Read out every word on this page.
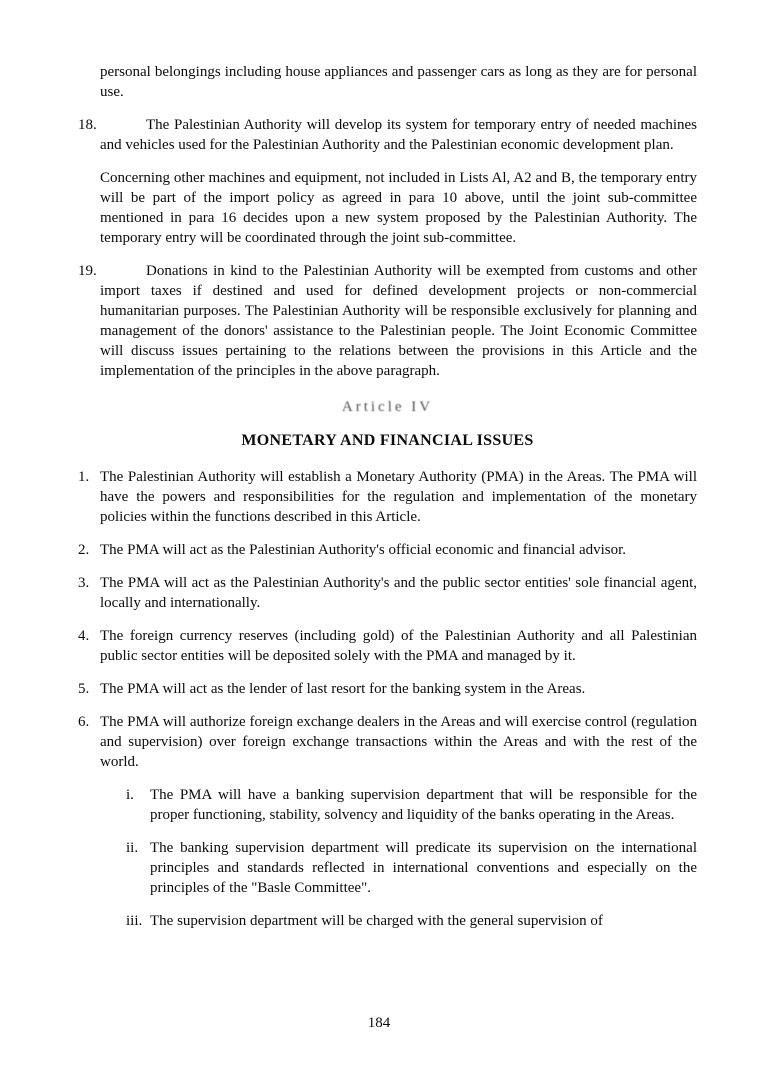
personal belongings including house appliances and passenger cars as long as they are for personal use.

18.	The Palestinian Authority will develop its system for temporary entry of needed machines and vehicles used for the Palestinian Authority and the Palestinian economic development plan.

Concerning other machines and equipment, not included in Lists Al, A2 and B, the temporary entry will be part of the import policy as agreed in para 10 above, until the joint sub-committee mentioned in para 16 decides upon a new system proposed by the Palestinian Authority. The temporary entry will be coordinated through the joint sub-committee.

19.	Donations in kind to the Palestinian Authority will be exempted from customs and other import taxes if destined and used for defined development projects or non-commercial humanitarian purposes. The Palestinian Authority will be responsible exclusively for planning and management of the donors' assistance to the Palestinian people. The Joint Economic Committee will discuss issues pertaining to the relations between the provisions in this Article and the implementation of the principles in the above paragraph.

Article IV
MONETARY AND FINANCIAL ISSUES
1. The Palestinian Authority will establish a Monetary Authority (PMA) in the Areas. The PMA will have the powers and responsibilities for the regulation and implementation of the monetary policies within the functions described in this Article.

2. The PMA will act as the Palestinian Authority's official economic and financial advisor.

3. The PMA will act as the Palestinian Authority's and the public sector entities' sole financial agent, locally and internationally.

4. The foreign currency reserves (including gold) of the Palestinian Authority and all Palestinian public sector entities will be deposited solely with the PMA and managed by it.

5. The PMA will act as the lender of last resort for the banking system in the Areas.

6. The PMA will authorize foreign exchange dealers in the Areas and will exercise control (regulation and supervision) over foreign exchange transactions within the Areas and with the rest of the world.

i.	The PMA will have a banking supervision department that will be responsible for the proper functioning, stability, solvency and liquidity of the banks operating in the Areas.

ii. The banking supervision department will predicate its supervision on the international principles and standards reflected in international conventions and especially on the principles of the "Basle Committee".

iii. The supervision department will be charged with the general supervision of

184
